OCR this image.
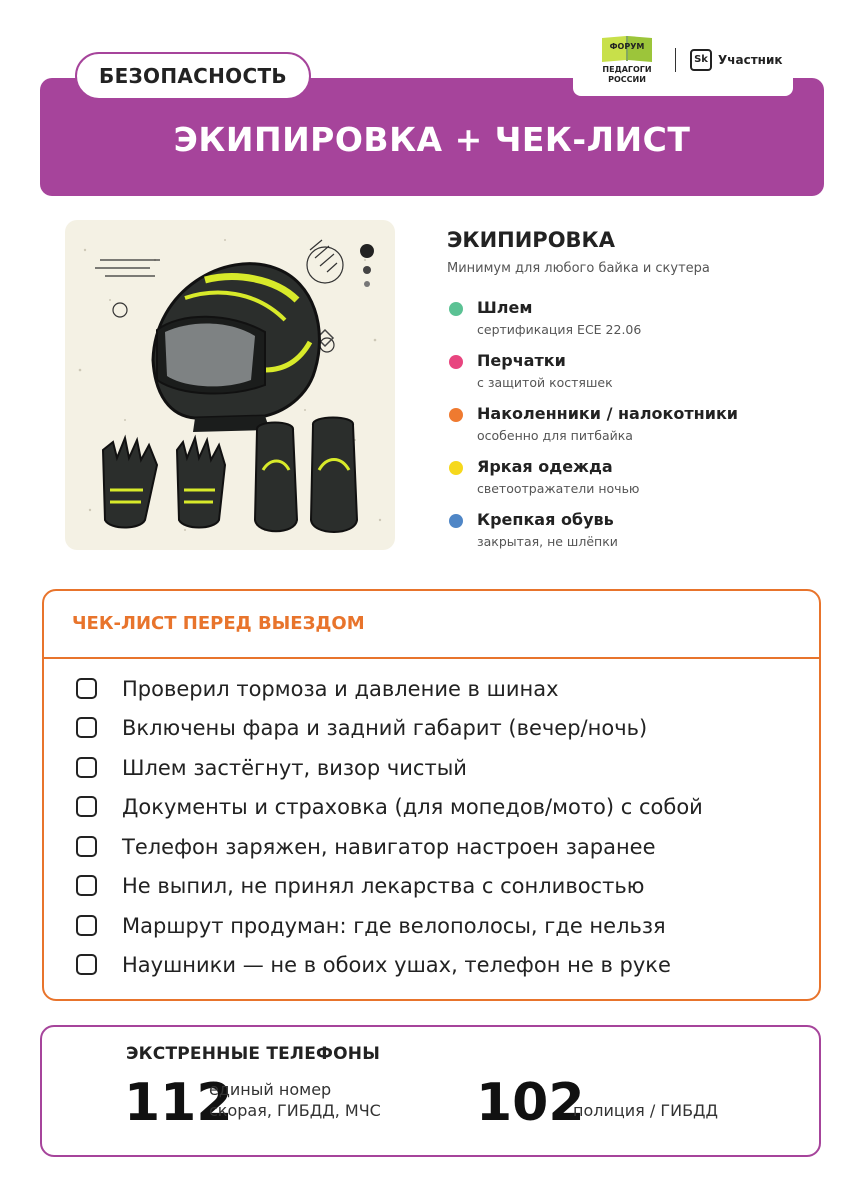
ЭКИПИРОВКА + ЧЕК-ЛИСТ
БЕЗОПАСНОСТЬ
ФОРУМ
ПЕДАГОГИ
РОССИИ
Sk Участник
ЭКИПИРОВКА
Минимум для любого байка и скутера
Шлем
сертификация ECE 22.06
Перчатки
с защитой костяшек
Наколенники / налокотники
особенно для питбайка
Яркая одежда
светоотражатели ночью
Крепкая обувь
закрытая, не шлёпки
ЧЕК-ЛИСТ ПЕРЕД ВЫЕЗДОМ
Проверил тормоза и давление в шинах
Включены фара и задний габарит (вечер/ночь)
Шлем застёгнут, визор чистый
Документы и страховка (для мопедов/мото) с собой
Телефон заряжен, навигатор настроен заранее
Не выпил, не принял лекарства с сонливостью
Маршрут продуман: где велополосы, где нельзя
Наушники — не в обоих ушах, телефон не в руке
ЭКСТРЕННЫЕ ТЕЛЕФОНЫ
112
единый номер
скорая, ГИБДД, МЧС 102
полиция / ГИБДД
